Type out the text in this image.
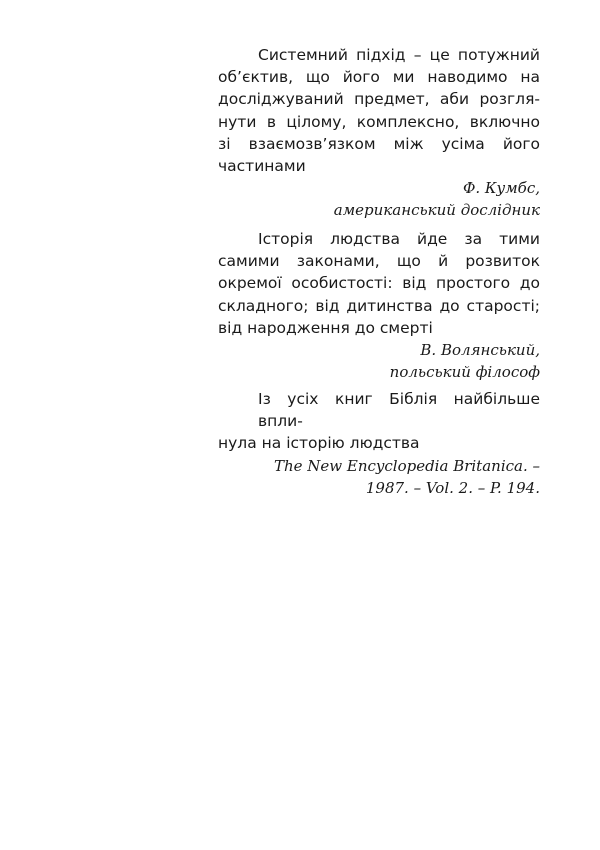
Системний підхід – це потужний
об’єктив, що його ми наводимо на
досліджуваний предмет, аби розгля-
нути в цілому, комплексно, включно
зі взаємозв’язком між усіма його
частинами
Ф. Кумбс,
американський дослідник
Історія людства йде за тими
самими законами, що й розвиток
окремої особистості: від простого до
складного; від дитинства до старості;
від народження до смерті
В. Волянський,
польський філософ
Із усіх книг Біблія найбільше впли-
нула на історію людства
The New Encyclopedia Britanica. –
1987. – Vol. 2. – P. 194.
